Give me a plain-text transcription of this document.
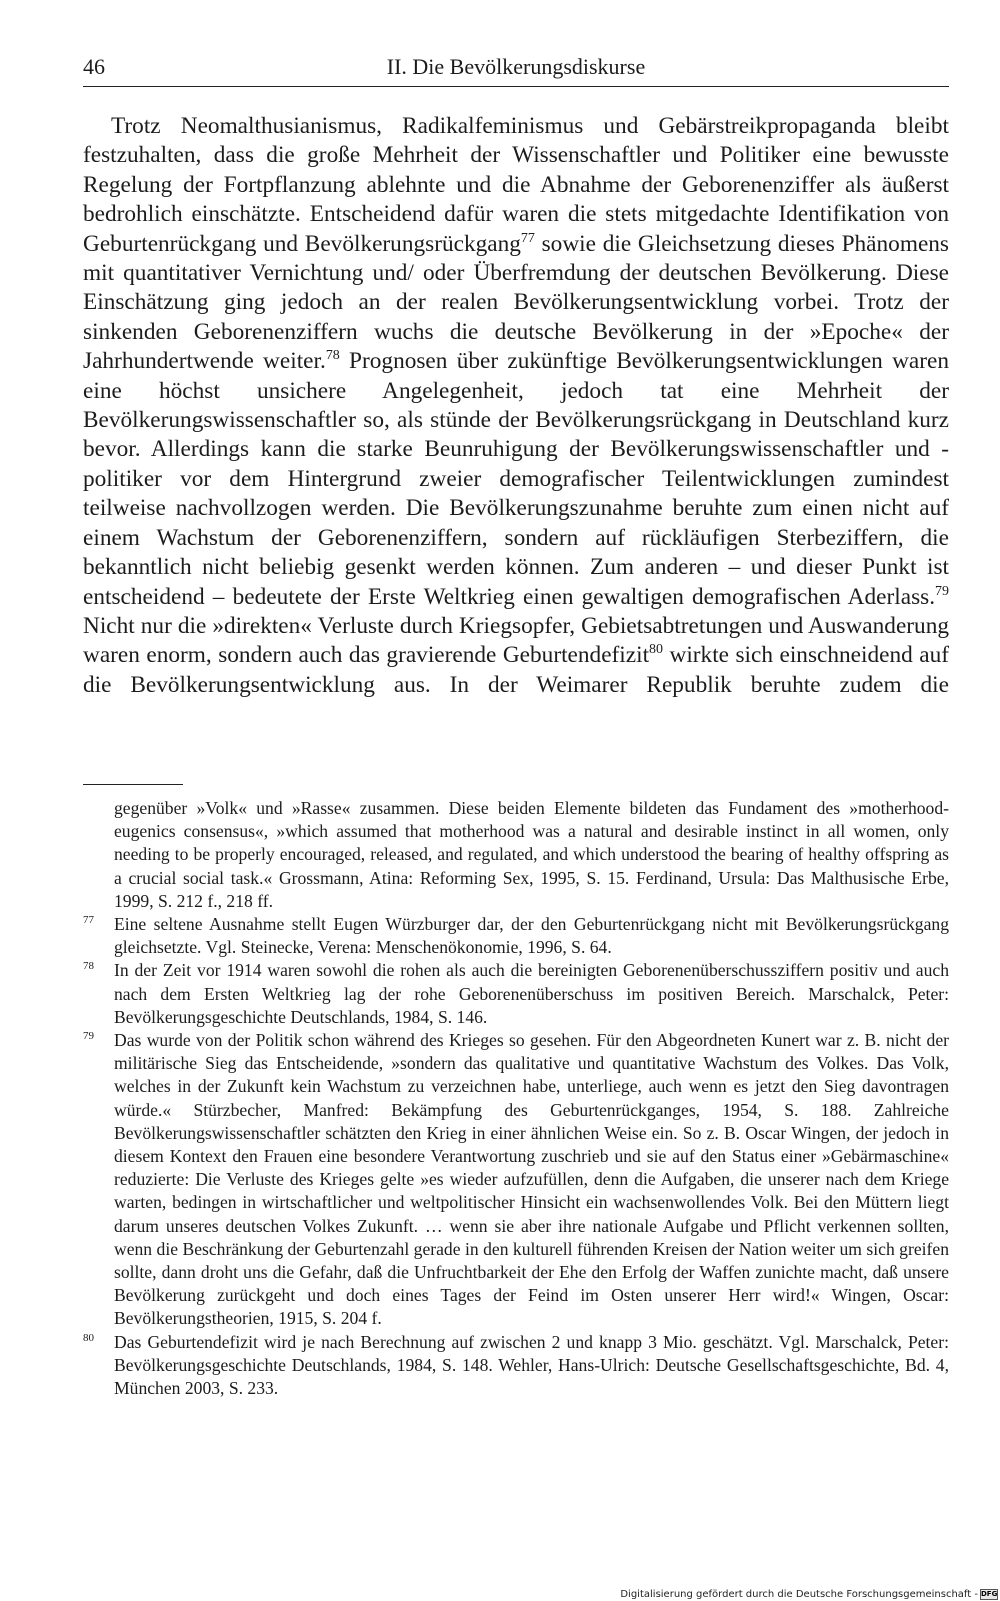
46	II. Die Bevölkerungsdiskurse

Trotz Neomalthusianismus, Radikalfeminismus und Gebärstreikpropaganda bleibt festzuhalten, dass die große Mehrheit der Wissenschaftler und Politiker eine bewusste Regelung der Fortpflanzung ablehnte und die Abnahme der Geborenenziffer als äußerst bedrohlich einschätzte. Entscheidend dafür waren die stets mitgedachte Identifikation von Geburtenrückgang und Bevölkerungsrückgang$^{77}$ sowie die Gleichsetzung dieses Phänomens mit quantitativer Vernichtung und/ oder Überfremdung der deutschen Bevölkerung. Diese Einschätzung ging jedoch an der realen Bevölkerungsentwicklung vorbei. Trotz der sinkenden Geborenenziffern wuchs die deutsche Bevölkerung in der »Epoche« der Jahrhundertwende weiter.$^{78}$ Prognosen über zukünftige Bevölkerungsentwicklungen waren eine höchst unsichere Angelegenheit, jedoch tat eine Mehrheit der Bevölkerungswissenschaftler so, als stünde der Bevölkerungsrückgang in Deutschland kurz bevor. Allerdings kann die starke Beunruhigung der Bevölkerungswissenschaftler und -politiker vor dem Hintergrund zweier demografischer Teilentwicklungen zumindest teilweise nachvollzogen werden. Die Bevölkerungszunahme beruhte zum einen nicht auf einem Wachstum der Geborenenziffern, sondern auf rückläufigen Sterbeziffern, die bekanntlich nicht beliebig gesenkt werden können. Zum anderen – und dieser Punkt ist entscheidend – bedeutete der Erste Weltkrieg einen gewaltigen demografischen Aderlass.$^{79}$ Nicht nur die »direkten« Verluste durch Kriegsopfer, Gebietsabtretungen und Auswanderung waren enorm, sondern auch das gravierende Geburtendefizit$^{80}$ wirkte sich einschneidend auf die Bevölkerungsentwicklung aus. In der Weimarer Republik beruhte zudem die

gegenüber »Volk« und »Rasse« zusammen. Diese beiden Elemente bildeten das Fundament des »motherhood-eugenics consensus«, »which assumed that motherhood was a natural and desirable instinct in all women, only needing to be properly encouraged, released, and regulated, and which understood the bearing of healthy offspring as a crucial social task.« Grossmann, Atina: Reforming Sex, 1995, S. 15. Ferdinand, Ursula: Das Malthusische Erbe, 1999, S. 212 f., 218 ff.

77 Eine seltene Ausnahme stellt Eugen Würzburger dar, der den Geburtenrückgang nicht mit Bevölkerungsrückgang gleichsetzte. Vgl. Steinecke, Verena: Menschenökonomie, 1996, S. 64.
78 In der Zeit vor 1914 waren sowohl die rohen als auch die bereinigten Geborenenüberschussziffern positiv und auch nach dem Ersten Weltkrieg lag der rohe Geborenenüberschuss im positiven Bereich. Marschalck, Peter: Bevölkerungsgeschichte Deutschlands, 1984, S. 146.
79 Das wurde von der Politik schon während des Krieges so gesehen. Für den Abgeordneten Kunert war z. B. nicht der militärische Sieg das Entscheidende, »sondern das qualitative und quantitative Wachstum des Volkes. Das Volk, welches in der Zukunft kein Wachstum zu verzeichnen habe, unterliege, auch wenn es jetzt den Sieg davontragen würde.« Stürzbecher, Manfred: Bekämpfung des Geburtenrückganges, 1954, S. 188. Zahlreiche Bevölkerungswissenschaftler schätzten den Krieg in einer ähnlichen Weise ein. So z. B. Oscar Wingen, der jedoch in diesem Kontext den Frauen eine besondere Verantwortung zuschrieb und sie auf den Status einer »Gebärmaschine« reduzierte: Die Verluste des Krieges gelte »es wieder aufzufüllen, denn die Aufgaben, die unserer nach dem Kriege warten, bedingen in wirtschaftlicher und weltpolitischer Hinsicht ein wachsenwollendes Volk. Bei den Müttern liegt darum unseres deutschen Volkes Zukunft. … wenn sie aber ihre nationale Aufgabe und Pflicht verkennen sollten, wenn die Beschränkung der Geburtenzahl gerade in den kulturell führenden Kreisen der Nation weiter um sich greifen sollte, dann droht uns die Gefahr, daß die Unfruchtbarkeit der Ehe den Erfolg der Waffen zunichte macht, daß unsere Bevölkerung zurückgeht und doch eines Tages der Feind im Osten unserer Herr wird!« Wingen, Oscar: Bevölkerungstheorien, 1915, S. 204 f.
80 Das Geburtendefizit wird je nach Berechnung auf zwischen 2 und knapp 3 Mio. geschätzt. Vgl. Marschalck, Peter: Bevölkerungsgeschichte Deutschlands, 1984, S. 148. Wehler, Hans-Ulrich: Deutsche Gesellschaftsgeschichte, Bd. 4, München 2003, S. 233.
Digitalisierung gefördert durch die Deutsche Forschungsgemeinschaft - DFG
